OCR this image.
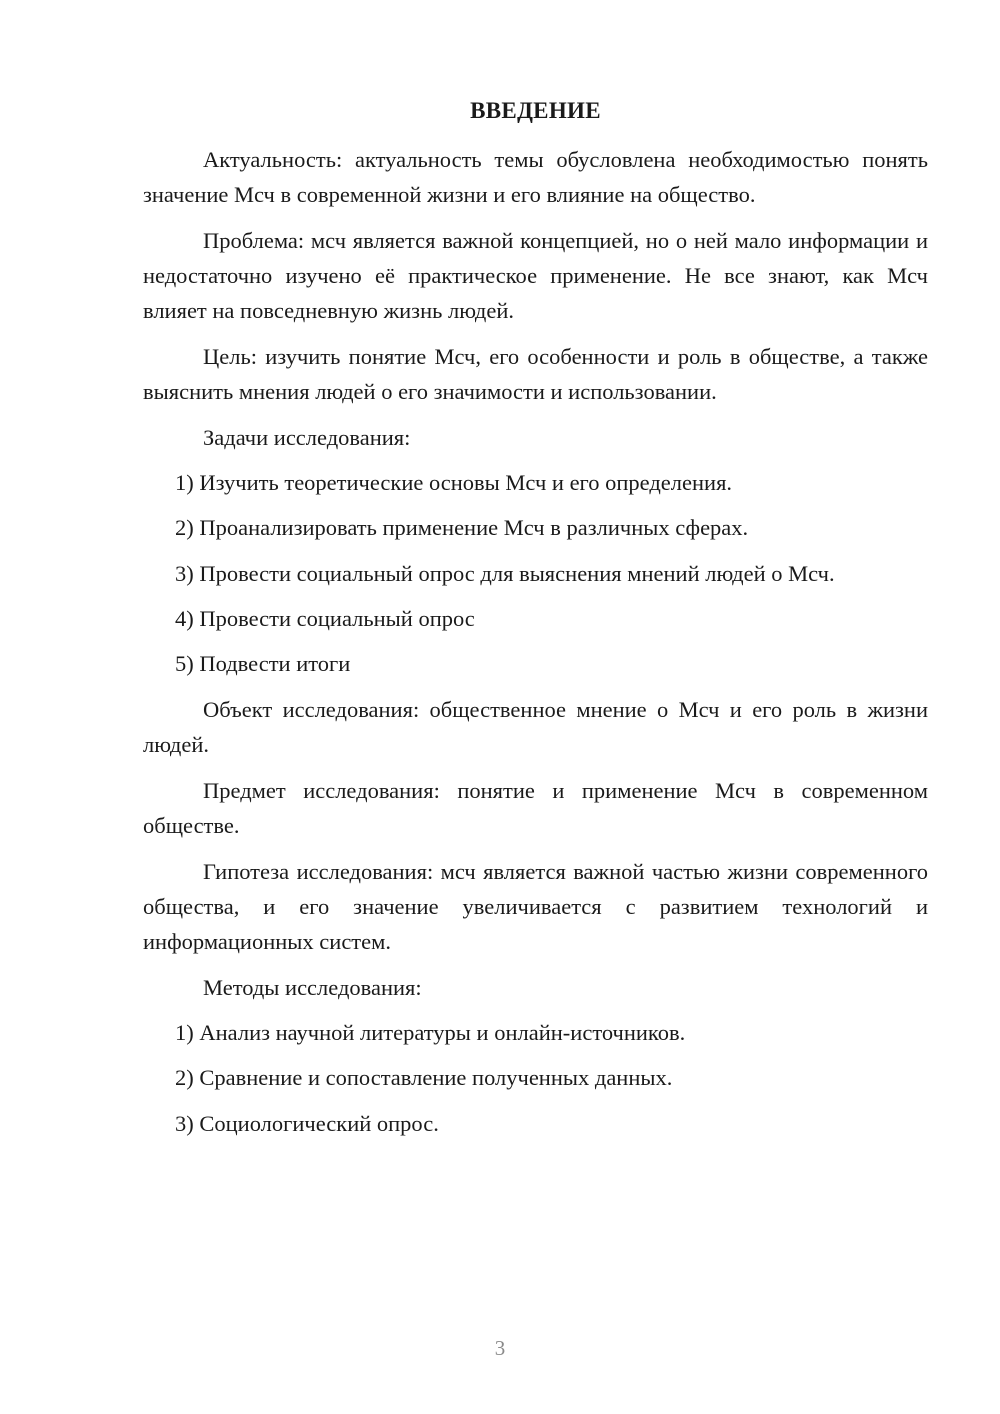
ВВЕДЕНИЕ

Актуальность: актуальность темы обусловлена необходимостью понять значение Мсч в современной жизни и его влияние на общество.

Проблема: мсч является важной концепцией, но о ней мало информации и недостаточно изучено её практическое применение. Не все знают, как Мсч влияет на повседневную жизнь людей.

Цель: изучить понятие Мсч, его особенности и роль в обществе, а также выяснить мнения людей о его значимости и использовании.

Задачи исследования:

1) Изучить теоретические основы Мсч и его определения.

2) Проанализировать применение Мсч в различных сферах.

3) Провести социальный опрос для выяснения мнений людей о Мсч.

4) Провести социальный опрос

5) Подвести итоги

Объект исследования: общественное мнение о Мсч и его роль в жизни людей.

Предмет исследования: понятие и применение Мсч в современном обществе.

Гипотеза исследования: мсч является важной частью жизни современного общества, и его значение увеличивается с развитием технологий и информационных систем.

Методы исследования:

1) Анализ научной литературы и онлайн-источников.

2) Сравнение и сопоставление полученных данных.

3) Социологический опрос.

3
